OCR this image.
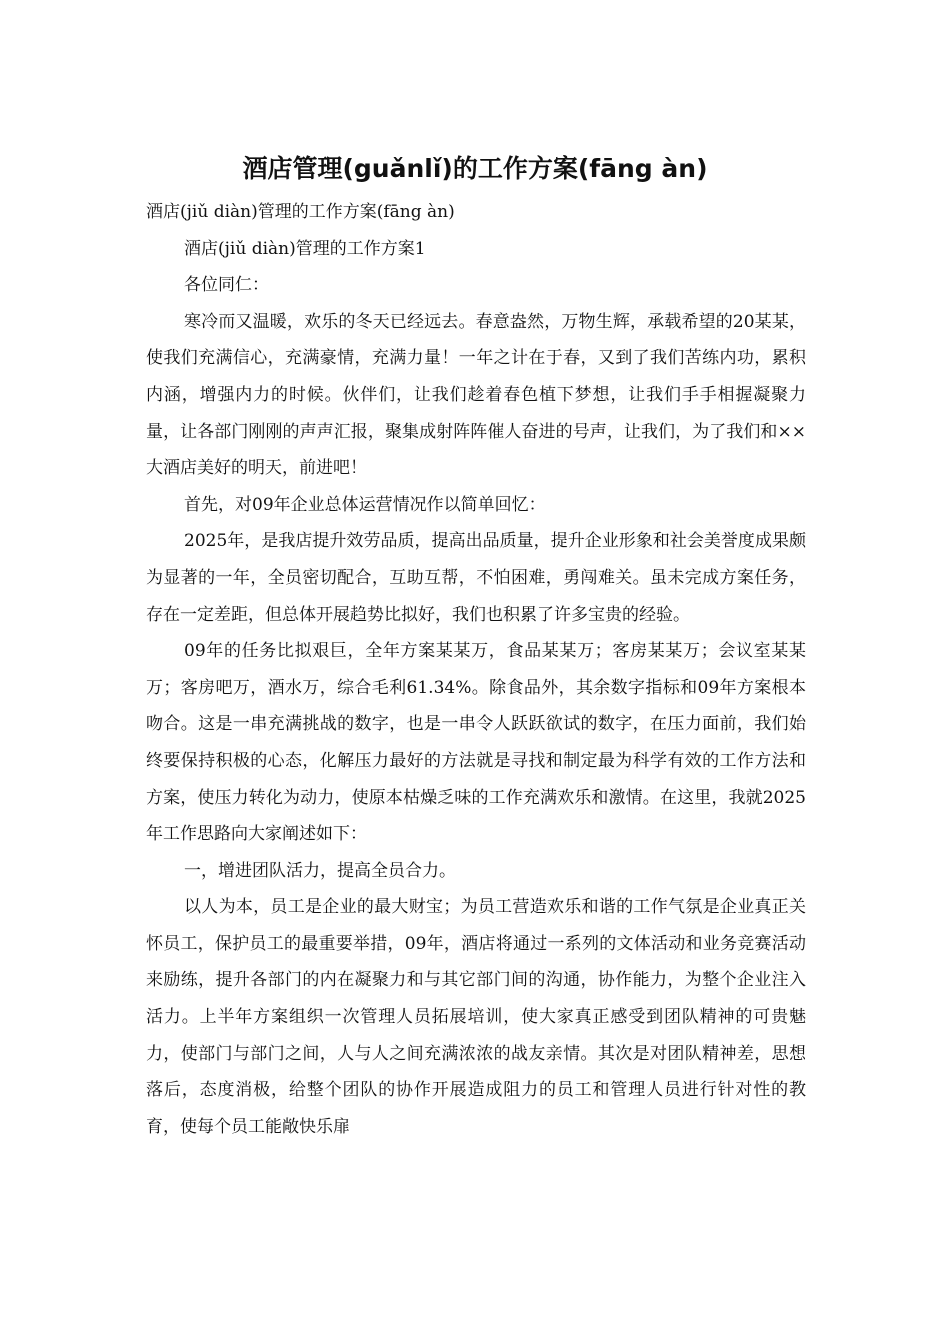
酒店管理(guǎnlǐ)的工作方案(fāng àn)

酒店(jiǔ diàn)管理的工作方案(fāng àn)

酒店(jiǔ diàn)管理的工作方案1

各位同仁：

寒冷而又温暖，欢乐的冬天已经远去。春意盎然，万物生辉，承载希望的20某某，使我们充满信心，充满豪情，充满力量！一年之计在于春，又到了我们苦练内功，累积内涵，增强内力的时候。伙伴们，让我们趁着春色植下梦想，让我们手手相握凝聚力量，让各部门刚刚的声声汇报，聚集成射阵阵催人奋进的号声，让我们，为了我们和××大酒店美好的明天，前进吧！

首先，对09年企业总体运营情况作以简单回忆：

2025年，是我店提升效劳品质，提高出品质量，提升企业形象和社会美誉度成果颇为显著的一年，全员密切配合，互助互帮，不怕困难，勇闯难关。虽未完成方案任务，存在一定差距，但总体开展趋势比拟好，我们也积累了许多宝贵的经验。

09年的任务比拟艰巨，全年方案某某万，食品某某万；客房某某万；会议室某某万；客房吧万，酒水万，综合毛利61.34%。除食品外，其余数字指标和09年方案根本吻合。这是一串充满挑战的数字，也是一串令人跃跃欲试的数字，在压力面前，我们始终要保持积极的心态，化解压力最好的方法就是寻找和制定最为科学有效的工作方法和方案，使压力转化为动力，使原本枯燥乏味的工作充满欢乐和激情。在这里，我就2025年工作思路向大家阐述如下：

一，增进团队活力，提高全员合力。

以人为本，员工是企业的最大财宝；为员工营造欢乐和谐的工作气氛是企业真正关怀员工，保护员工的最重要举措，09年，酒店将通过一系列的文体活动和业务竞赛活动来励练，提升各部门的内在凝聚力和与其它部门间的沟通，协作能力，为整个企业注入活力。上半年方案组织一次管理人员拓展培训，使大家真正感受到团队精神的可贵魅力，使部门与部门之间，人与人之间充满浓浓的战友亲情。其次是对团队精神差，思想落后，态度消极，给整个团队的协作开展造成阻力的员工和管理人员进行针对性的教育，使每个员工能敞快乐扉
